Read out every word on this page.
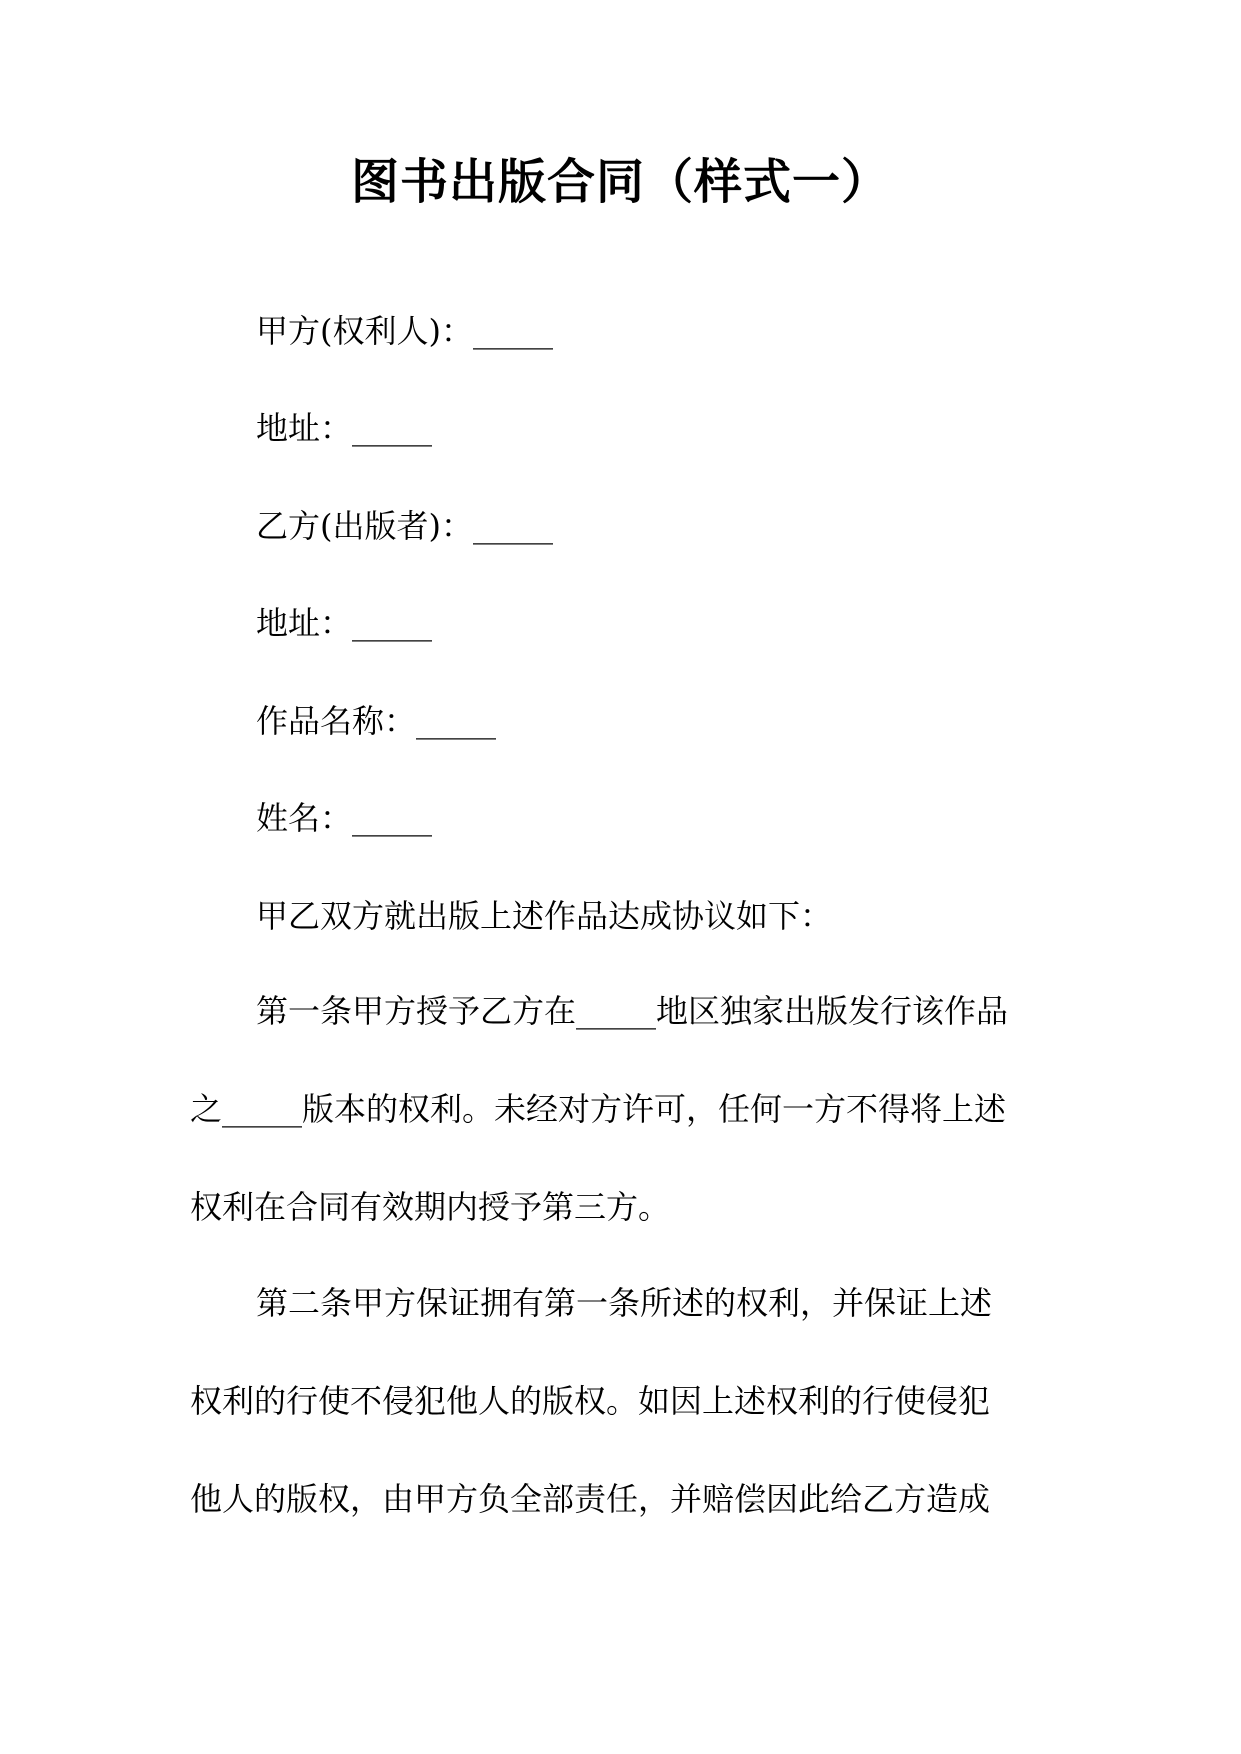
图书出版合同（样式一）
甲方(权利人)：_____
地址：_____
乙方(出版者)：_____
地址：_____
作品名称：_____
姓名：_____
甲乙双方就出版上述作品达成协议如下：
第一条甲方授予乙方在_____地区独家出版发行该作品
之_____版本的权利。未经对方许可，任何一方不得将上述
权利在合同有效期内授予第三方。
第二条甲方保证拥有第一条所述的权利，并保证上述
权利的行使不侵犯他人的版权。如因上述权利的行使侵犯
他人的版权，由甲方负全部责任，并赔偿因此给乙方造成
